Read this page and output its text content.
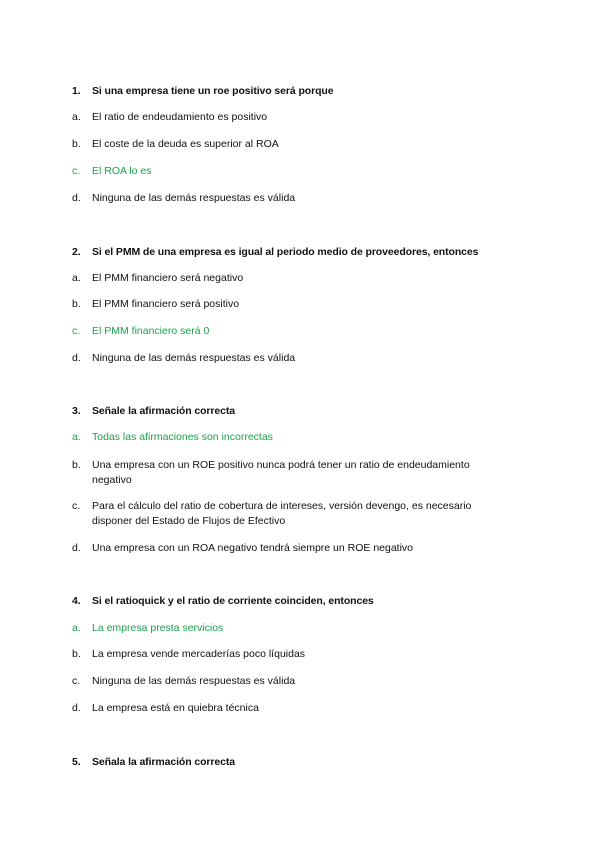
1.	Si una empresa tiene un roe positivo será porque
a.	El ratio de endeudamiento es positivo
b.	El coste de la deuda es superior al ROA
c.	El ROA lo es
d.	Ninguna de las demás respuestas es válida
2.	Si el PMM de una empresa es igual al periodo medio de proveedores, entonces
a.	El PMM financiero será negativo
b.	El PMM financiero será positivo
c.	El PMM financiero será 0
d.	Ninguna de las demás respuestas es válida
3.	Señale la afirmación correcta
a.	Todas las afirmaciones son incorrectas
b.	Una empresa con un ROE positivo nunca podrá tener un ratio de endeudamiento negativo
c.	Para el cálculo del ratio de cobertura de intereses, versión devengo, es necesario disponer del Estado de Flujos de Efectivo
d.	Una empresa con un ROA negativo tendrá siempre un ROE negativo
4.	Si el ratioquick y el ratio de corriente coinciden, entonces
a.	La empresa presta servicios
b.	La empresa vende mercaderías poco líquidas
c.	Ninguna de las demás respuestas es válida
d.	La empresa está en quiebra técnica
5.	Señala la afirmación correcta
